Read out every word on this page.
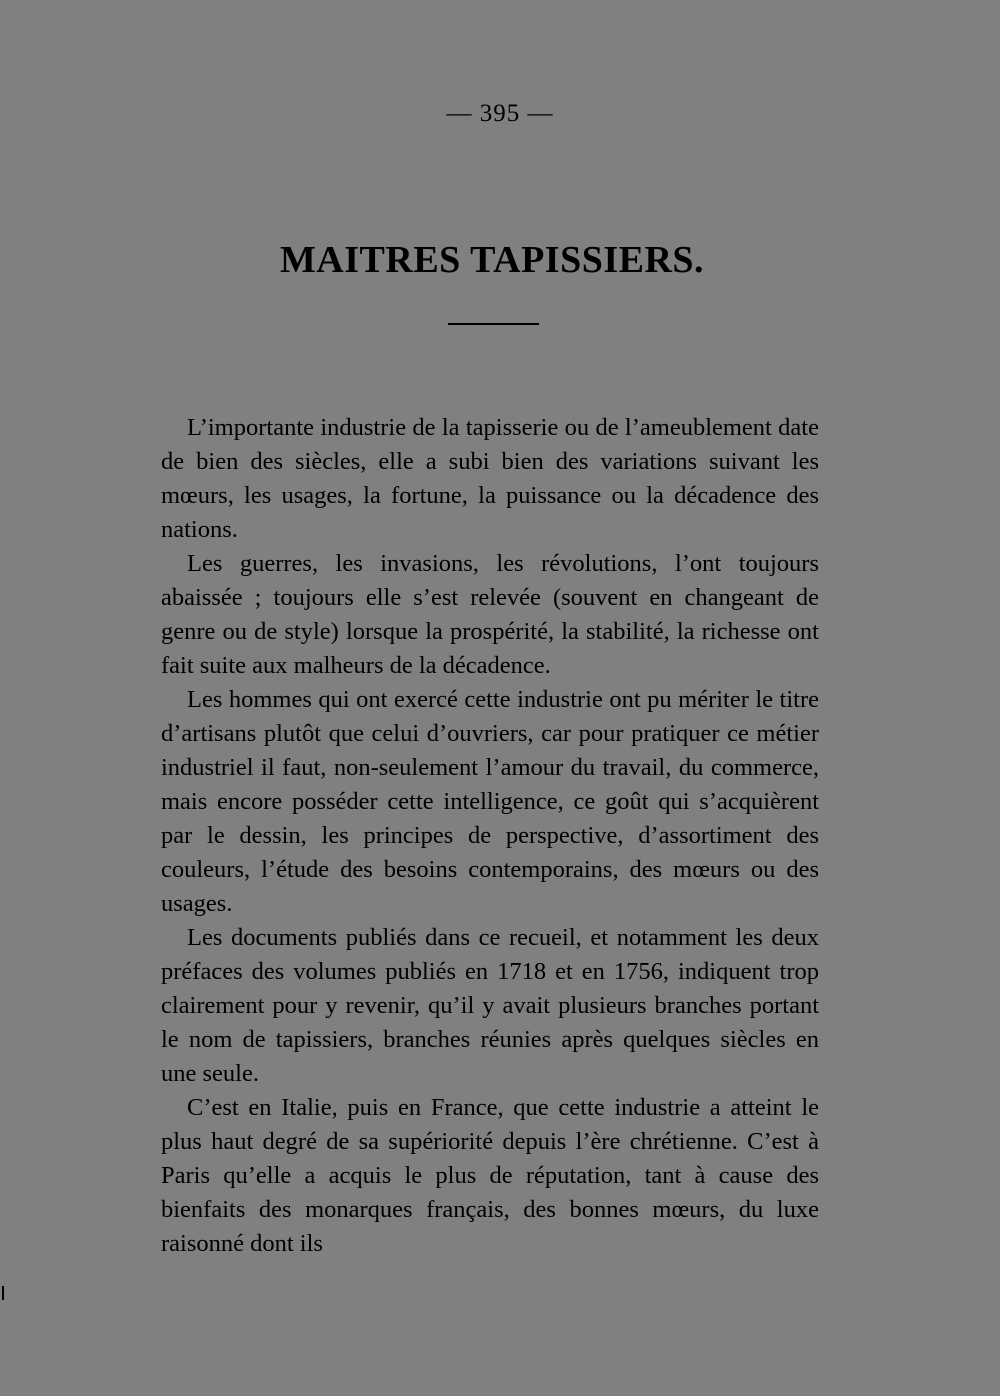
— 395 —
MAITRES TAPISSIERS.

L’importante industrie de la tapisserie ou de l’ameublement date de bien des siècles, elle a subi bien des variations suivant les mœurs, les usages, la fortune, la puissance ou la décadence des nations.

Les guerres, les invasions, les révolutions, l’ont toujours abaissée ; toujours elle s’est relevée (souvent en changeant de genre ou de style) lorsque la prospérité, la stabilité, la richesse ont fait suite aux malheurs de la décadence.

Les hommes qui ont exercé cette industrie ont pu mériter le titre d’artisans plutôt que celui d’ouvriers, car pour pratiquer ce métier industriel il faut, non-seulement l’amour du travail, du commerce, mais encore posséder cette intelligence, ce goût qui s’acquièrent par le dessin, les principes de perspective, d’assortiment des couleurs, l’étude des besoins contemporains, des mœurs ou des usages.

Les documents publiés dans ce recueil, et notamment les deux préfaces des volumes publiés en 1718 et en 1756, indiquent trop clairement pour y revenir, qu’il y avait plusieurs branches portant le nom de tapissiers, branches réunies après quelques siècles en une seule.

C’est en Italie, puis en France, que cette industrie a atteint le plus haut degré de sa supériorité depuis l’ère chrétienne. C’est à Paris qu’elle a acquis le plus de réputation, tant à cause des bienfaits des monarques français, des bonnes mœurs, du luxe raisonné dont ils
